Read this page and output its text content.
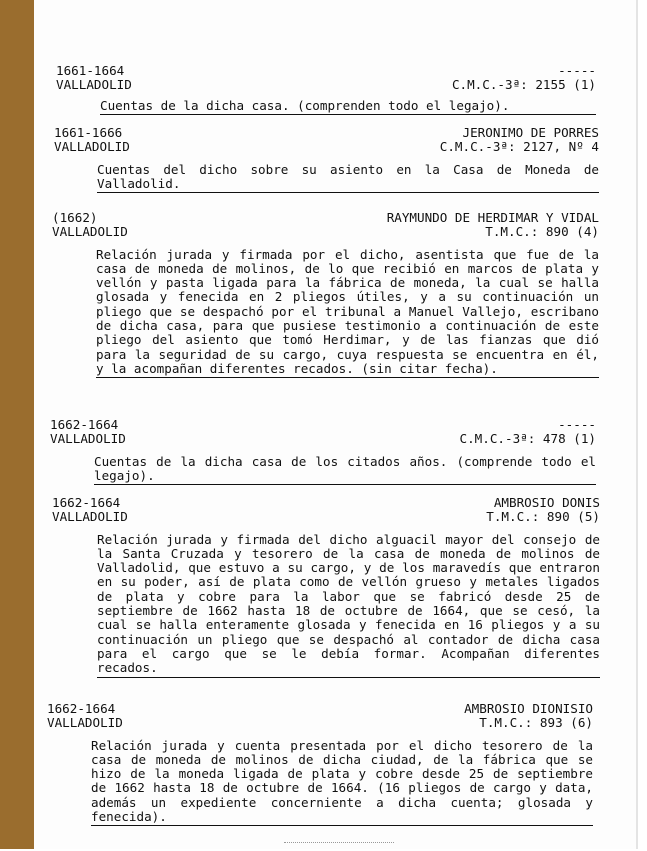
1661-1664	-----
VALLADOLID	C.M.C.-3ª: 2155 (1)
Cuentas de la dicha casa. (comprenden todo el legajo).
1661-1666	JERONIMO DE PORRES
VALLADOLID	C.M.C.-3ª: 2127, Nº 4
Cuentas del dicho sobre su asiento en la Casa de Moneda de Valladolid.
(1662)	RAYMUNDO DE HERDIMAR Y VIDAL
VALLADOLID	T.M.C.: 890 (4)
Relación jurada y firmada por el dicho, asentista que fue de la casa de moneda de molinos, de lo que recibió en marcos de plata y vellón y pasta ligada para la fábrica de moneda, la cual se halla glosada y fenecida en 2 pliegos útiles, y a su continuación un pliego que se despachó por el tribunal a Manuel Vallejo, escribano de dicha casa, para que pusiese testimonio a continuación de este pliego del asiento que tomó Herdimar, y de las fianzas que dió para la seguridad de su cargo, cuya respuesta se encuentra en él, y la acompañan diferentes recados. (sin citar fecha).
1662-1664	-----
VALLADOLID	C.M.C.-3ª: 478 (1)
Cuentas de la dicha casa de los citados años. (comprende todo el legajo).
1662-1664	AMBROSIO DONIS
VALLADOLID	T.M.C.: 890 (5)
Relación jurada y firmada del dicho alguacil mayor del consejo de la Santa Cruzada y tesorero de la casa de moneda de molinos de Valladolid, que estuvo a su cargo, y de los maravedís que entraron en su poder, así de plata como de vellón grueso y metales ligados de plata y cobre para la labor que se fabricó desde 25 de septiembre de 1662 hasta 18 de octubre de 1664, que se cesó, la cual se halla enteramente glosada y fenecida en 16 pliegos y a su continuación un pliego que se despachó al contador de dicha casa para el cargo que se le debía formar. Acompañan diferentes recados.
1662-1664	AMBROSIO DIONISIO
VALLADOLID	T.M.C.: 893 (6)
Relación jurada y cuenta presentada por el dicho tesorero de la casa de moneda de molinos de dicha ciudad, de la fábrica que se hizo de la moneda ligada de plata y cobre desde 25 de septiembre de 1662 hasta 18 de octubre de 1664. (16 pliegos de cargo y data, además un expediente concerniente a dicha cuenta; glosada y fenecida).
